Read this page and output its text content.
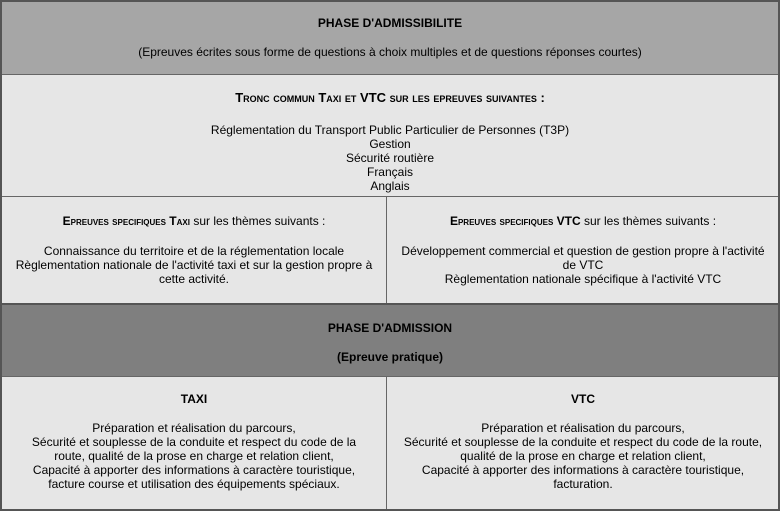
PHASE D'ADMISSIBILITE
(Epreuves écrites sous forme de questions à choix multiples et de questions réponses courtes)
Tronc commun Taxi et VTC sur les epreuves suivantes :
Réglementation du Transport Public Particulier de Personnes (T3P)
Gestion
Sécurité routière
Français
Anglais
Epreuves specifiques Taxi sur les thèmes suivants :
Connaissance du territoire et de la réglementation locale
Règlementation nationale de l'activité taxi et sur la gestion propre à
cette activité.
Epreuves specifiques VTC sur les thèmes suivants :
Développement commercial et question de gestion propre à l'activité
de VTC
Règlementation nationale spécifique à l'activité VTC
PHASE D'ADMISSION
(Epreuve pratique)
TAXI
Préparation et réalisation du parcours,
Sécurité et souplesse de la conduite et respect du code de la
route, qualité de la prose en charge et relation client,
Capacité à apporter des informations à caractère touristique,
facture course et utilisation des équipements spéciaux.
VTC
Préparation et réalisation du parcours,
Sécurité et souplesse de la conduite et respect du code de la route,
qualité de la prose en charge et relation client,
Capacité à apporter des informations à caractère touristique,
facturation.
